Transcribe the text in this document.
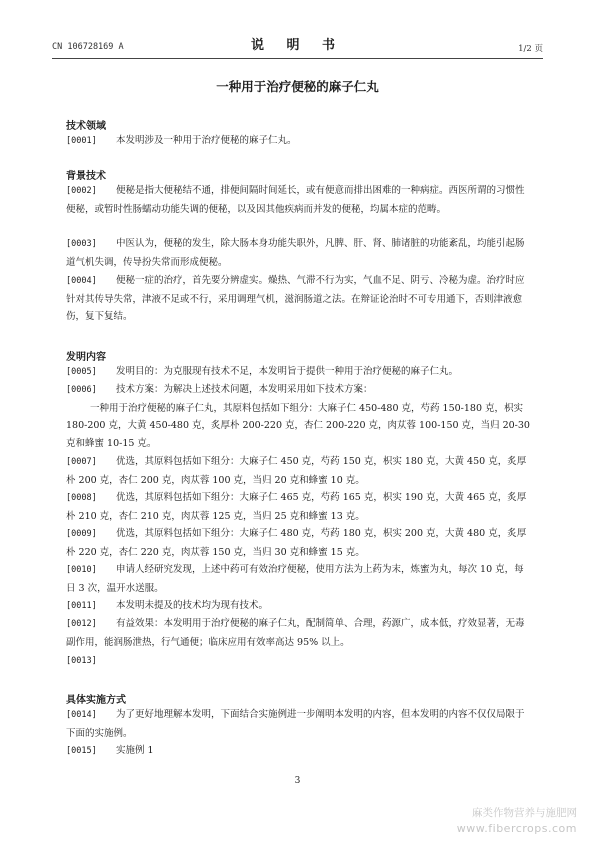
CN 106728169 A	说 明 书	1/2 页
一种用于治疗便秘的麻子仁丸
技术领域

[0001] 本发明涉及一种用于治疗便秘的麻子仁丸。

背景技术

[0002] 便秘是指大便秘结不通，排便间隔时间延长，或有便意而排出困难的一种病症。西医所谓的习惯性便秘，或暂时性肠蠕动功能失调的便秘，以及因其他疾病而并发的便秘，均属本症的范畴。

[0003] 中医认为，便秘的发生，除大肠本身功能失职外，凡脾、肝、肾、肺诸脏的功能紊乱，均能引起肠道气机失调，传导扮失常而形成便秘。

[0004] 便秘一症的治疗，首先要分辨虚实。燥热、气滞不行为实，气血不足、阴亏、冷秘为虚。治疗时应针对其传导失常，津液不足或不行，采用调理气机，滋润肠道之法。在辩证论治时不可专用通下，否则津液愈伤，复下复结。

发明内容

[0005] 发明目的：为克服现有技术不足，本发明旨于提供一种用于治疗便秘的麻子仁丸。

[0006] 技术方案：为解决上述技术问题，本发明采用如下技术方案：
一种用于治疗便秘的麻子仁丸，其原料包括如下组分：大麻子仁 450-480 克，芍药 150-180 克，枳实 180-200 克，大黄 450-480 克，炙厚朴 200-220 克，杏仁 200-220 克，肉苁蓉 100-150 克，当归 20-30 克和蜂蜜 10-15 克。

[0007] 优选，其原料包括如下组分：大麻子仁 450 克，芍药 150 克，枳实 180 克，大黄 450 克，炙厚朴 200 克，杏仁 200 克，肉苁蓉 100 克，当归 20 克和蜂蜜 10 克。

[0008] 优选，其原料包括如下组分：大麻子仁 465 克，芍药 165 克，枳实 190 克，大黄 465 克，炙厚朴 210 克，杏仁 210 克，肉苁蓉 125 克，当归 25 克和蜂蜜 13 克。

[0009] 优选，其原料包括如下组分：大麻子仁 480 克，芍药 180 克，枳实 200 克，大黄 480 克，炙厚朴 220 克，杏仁 220 克，肉苁蓉 150 克，当归 30 克和蜂蜜 15 克。

[0010] 申请人经研究发现，上述中药可有效治疗便秘，使用方法为上药为末，炼蜜为丸，每次 10 克，每日 3 次，温开水送服。

[0011] 本发明未提及的技术均为现有技术。

[0012] 有益效果：本发明用于治疗便秘的麻子仁丸，配制简单、合理，药源广，成本低，疗效显著，无毒副作用，能润肠泄热，行气通便；临床应用有效率高达 95% 以上。

[0013]

具体实施方式

[0014] 为了更好地理解本发明，下面结合实施例进一步阐明本发明的内容，但本发明的内容不仅仅局限于下面的实施例。

[0015] 实施例 1

3
麻类作物营养与施肥网
www.fibercrops.com
